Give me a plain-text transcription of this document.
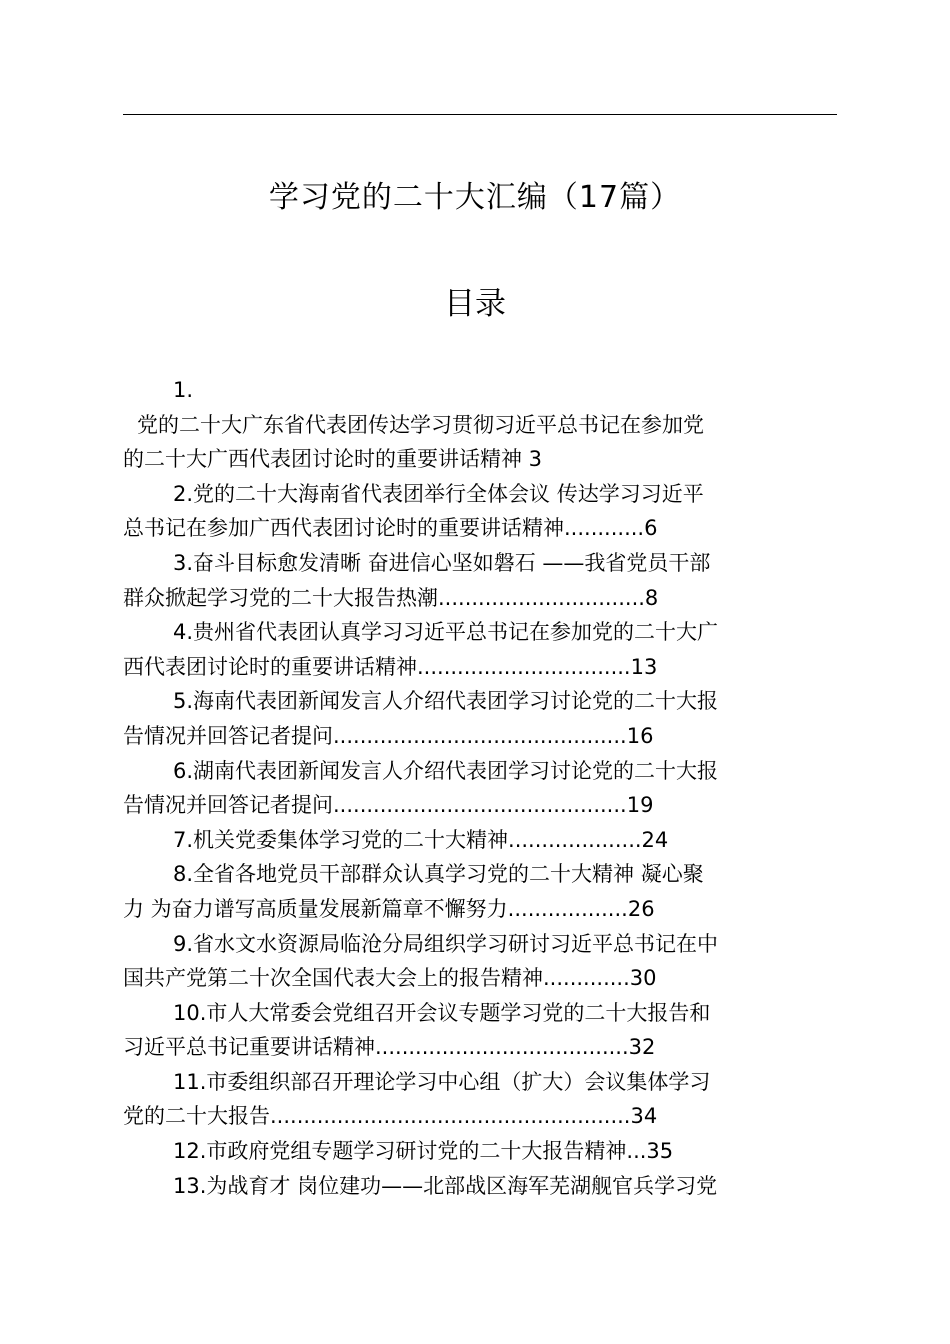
学习党的二十大汇编（17篇）
目录
1.
党的二十大广东省代表团传达学习贯彻习近平总书记在参加党
的二十大广西代表团讨论时的重要讲话精神 3
2.党的二十大海南省代表团举行全体会议 传达学习习近平
总书记在参加广西代表团讨论时的重要讲话精神............6
3.奋斗目标愈发清晰 奋进信心坚如磐石 ——我省党员干部
群众掀起学习党的二十大报告热潮...............................8
4.贵州省代表团认真学习习近平总书记在参加党的二十大广
西代表团讨论时的重要讲话精神................................13
5.海南代表团新闻发言人介绍代表团学习讨论党的二十大报
告情况并回答记者提问............................................16
6.湖南代表团新闻发言人介绍代表团学习讨论党的二十大报
告情况并回答记者提问............................................19
7.机关党委集体学习党的二十大精神....................24
8.全省各地党员干部群众认真学习党的二十大精神 凝心聚
力 为奋力谱写高质量发展新篇章不懈努力..................26
9.省水文水资源局临沧分局组织学习研讨习近平总书记在中
国共产党第二十次全国代表大会上的报告精神.............30
10.市人大常委会党组召开会议专题学习党的二十大报告和
习近平总书记重要讲话精神......................................32
11.市委组织部召开理论学习中心组（扩大）会议集体学习
党的二十大报告......................................................34
12.市政府党组专题学习研讨党的二十大报告精神...35
13.为战育才 岗位建功——北部战区海军芜湖舰官兵学习党
